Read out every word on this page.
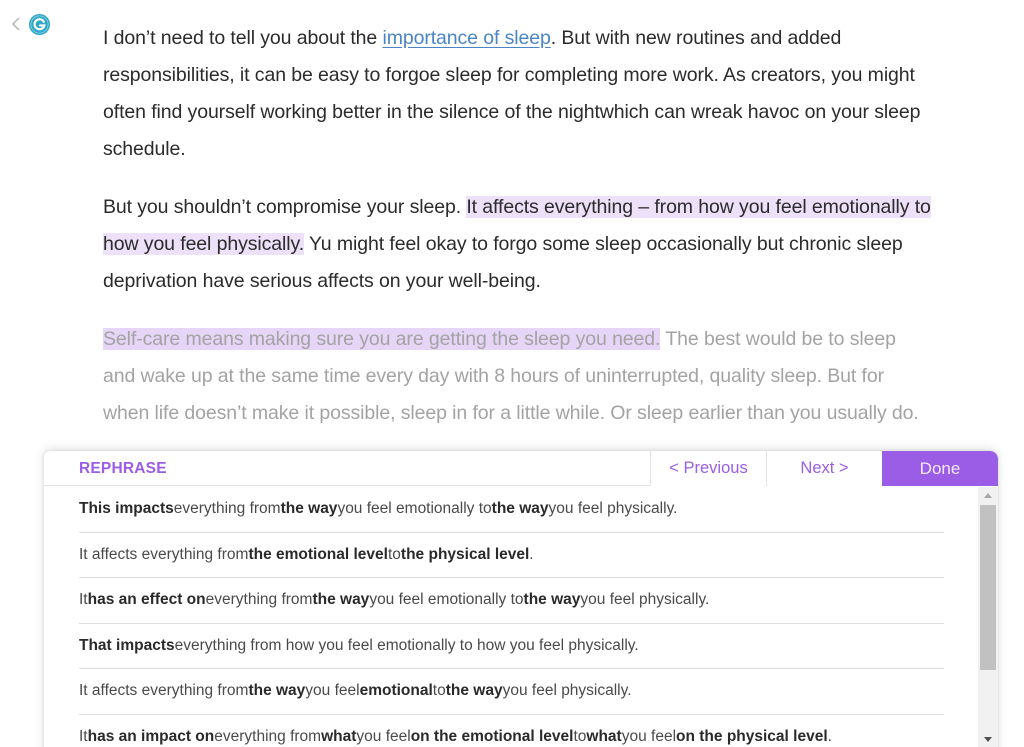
I don’t need to tell you about the importance of sleep. But with new routines and added responsibilities, it can be easy to forgoe sleep for completing more work. As creators, you might often find yourself working better in the silence of the nightwhich can wreak havoc on your sleep schedule.

But you shouldn’t compromise your sleep. It affects everything – from how you feel emotionally to how you feel physically. Yu might feel okay to forgo some sleep occasionally but chronic sleep deprivation have serious affects on your well-being.

Self-care means making sure you are getting the sleep you need. The best would be to sleep and wake up at the same time every day with 8 hours of uninterrupted, quality sleep. But for when life doesn’t make it possible, sleep in for a little while. Or sleep earlier than you usually do.

REPHRASE	< Previous	Next >	Done
This impacts everything from the way you feel emotionally to the way you feel physically.
It affects everything from the emotional level to the physical level .
It has an effect on everything from the way you feel emotionally to the way you feel physically.
That impacts everything from how you feel emotionally to how you feel physically.
It affects everything from the way you feel emotional to the way you feel physically.
It has an impact on everything from what you feel on the emotional level to what you feel on the physical level .
